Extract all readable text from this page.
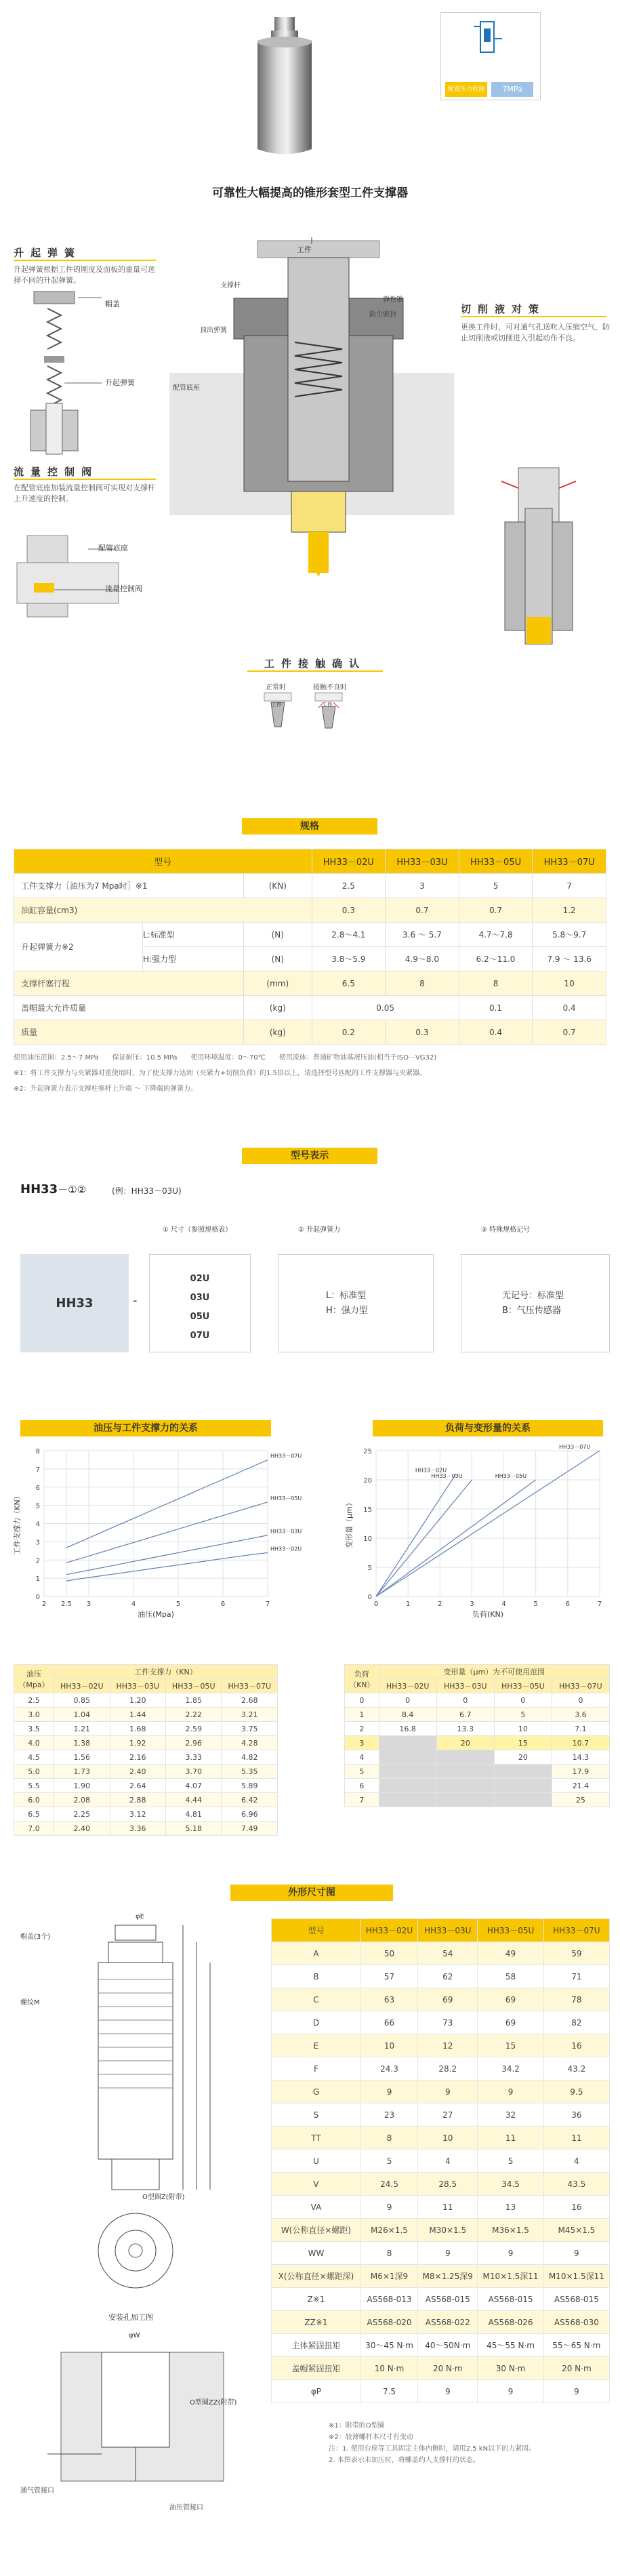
配置压力检测	7MPa
可靠性大幅提高的锥形套型工件支撑器
升起弹簧
升起弹簧根据工件的刚度及面板的重量可选择不同的升起弹簧。
帽盖
升起弹簧
流量控制阀
在配管底座加装流量控制阀可实现对支撑杆上升速度的控制。
配管底座
流量控制阀
工件
支撑杆
防尘密封
弹性锥
顶出弹簧
配管底座
切削液对策
更换工件时，可对通气孔送吹入压缩空气，防止切削液或切削进入引起动作不良。
工件接触确认
正常时	接触不良时
工件	工件
规格
型号			HH33－02U	HH33－03U	HH33－05U	HH33－07U
工件支撑力［油压为7 Mpa时］※1		(KN)	2.5	3	5	7
油缸容量(cm3)			0.3	0.7	0.7	1.2
升起弹簧力※2	L:标准型	(N)	2.8～4.1	3.6 ～ 5.7	4.7～7.8	5.8～9.7
	H:强力型	(N)	3.8～5.9	4.9～8.0	6.2～11.0	7.9 ～ 13.6
支撑杆塞行程		(mm)	6.5	8	8	10
盖帽最大允许质量		(kg)	0.05		0.1	0.4
质量		(kg)	0.2	0.3	0.4	0.7
使用油压范围：2.5～7 MPa　　保证耐压：10.5 MPa　　使用环境温度：0～70℃　　使用流体：普通矿物油基液压油(相当于ISO－VG32)
※1：将工件支撑力与夹紧器对重使用时，为了使支撑力达到（夹紧力+切削负荷）的1.5倍以上，请选择型号匹配的工件支撑器与夹紧器。
※2：升起弹簧力表示支撑柱塞杆上升端 ～ 下降端的弹簧力。
型号表示
HH33－①②	(例：HH33－03U)
① 尺寸（参照规格表）	② 升起弹簧力	③ 特殊规格记号
HH33	-
02U
03U
05U
07U
L：标准型
H：强力型
无记号：标准型
B：气压传感器
油压与工件支撑力的关系	负荷与变形量的关系
2 2.5 3	4	5	6	7
0
1
2
3
4
5
6
7
8
油压(Mpa)
工件支撑力（KN）
HH33－07U
HH33－05U
HH33－03U
HH33－02U
0	1	2	3	4	5	6	7
0
5
10
15
20
25
负荷(KN)
变形量（μm）
HH33－02U
HH33－03U	HH33－05U
HH33－07U
油压
（Mpa）	工件支撑力（KN）			
	HH33－02U	HH33－03U	HH33－05U	HH33－07U
2.5	0.85	1.20	1.85	2.68
3.0	1.04	1.44	2.22	3.21
3.5	1.21	1.68	2.59	3.75
4.0	1.38	1.92	2.96	4.28
4.5	1.56	2.16	3.33	4.82
5.0	1.73	2.40	3.70	5.35
5.5	1.90	2.64	4.07	5.89
6.0	2.08	2.88	4.44	6.42
6.5	2.25	3.12	4.81	6.96
7.0	2.40	3.36	5.18	7.49
负荷
（KN）	变形量（μm）为不可使用范围			
	HH33－02U	HH33－03U	HH33－05U	HH33－07U
0	0	0	0	0
1	8.4	6.7	5	3.6
2	16.8	13.3	10	7.1
3		20	15	10.7
4			20	14.3
5				17.9
6				21.4
7				25
外形尺寸图
帽盖(3个)
φE
螺纹M
O型圈Z(附带)
安装孔加工图
φW
O型圈ZZ(附带)
油压管接口
通气管接口
型号	HH33－02U	HH33－03U	HH33－05U	HH33－07U
A	50	54	49	59
B	57	62	58	71
C	63	69	69	78
D	66	73	69	82
E	10	12	15	16
F	24.3	28.2	34.2	43.2
G	9	9	9	9.5
S	23	27	32	36
TT	8	10	11	11
U	5	4	5	4
V	24.5	28.5	34.5	43.5
VA	9	11	13	16
W(公称直径×螺距)	M26×1.5	M30×1.5	M36×1.5	M45×1.5
WW	8	9	9	9
X(公称直径×螺距深)	M6×1深9	M8×1.25深9	M10×1.5深11	M10×1.5深11
Z※1	AS568-013	AS568-015	AS568-015	AS568-015
ZZ※1	AS568-020	AS568-022	AS568-026	AS568-030
主体紧固扭矩	30～45 N·m	40～50N·m	45～55 N·m	55～65 N·m
盖帽紧固扭矩	10 N·m	20 N·m	30 N·m	20 N·m
φP	7.5	9	9	9
※1：附带的O型圈
※2：较薄螺杆本尺寸有变动
注：1. 使用台座等工具固定主体内侧时，请用2.5 kN以下的力紧固。
2. 本图表示未加压时，将螺盖约人支撑杆的状态。
